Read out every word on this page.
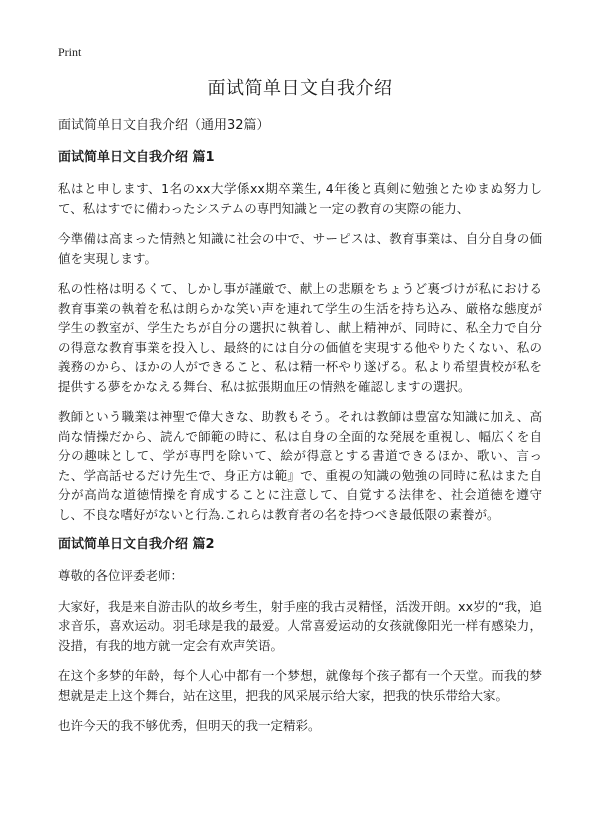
Print
面试简单日文自我介绍
面试简单日文自我介绍（通用32篇）
面试简单日文自我介绍 篇1

私はと申します、1名のxx大学係xx期卒業生, 4年後と真剣に勉強とたゆまぬ努力して、私はすでに備わったシステムの専門知識と一定の教育の実際の能力、

今準備は高まった情熱と知識に社会の中で、サーピスは、教育事業は、自分自身の価値を実現します。

私の性格は明るくて、しかし事が謹厳で、献上の悲願をちょうど裏づけが私における教育事業の執着を私は朗らかな笑い声を連れて学生の生活を持ち込み、厳格な態度が学生の教室が、学生たちが自分の選択に執着し、献上精神が、同時に、私全力で自分の得意な教育事業を投入し、最終的には自分の価値を実現する他やりたくない、私の義務のから、ほかの人ができること、私は精一杯やり遂げる。私より希望貴校が私を提供する夢をかなえる舞台、私は拡張期血圧の情熱を確認しますの選択。

教師という職業は神聖で偉大きな、助教もそう。それは教師は豊富な知識に加え、高尚な情操だから、読んで師範の時に、私は自身の全面的な発展を重視し、幅広くを自分の趣味として、学が専門を除いて、絵が得意とする書道できるほか、歌い、言った、学高話せるだけ先生で、身正方は範』で、重視の知識の勉強の同時に私はまた自分が高尚な道徳情操を育成することに注意して、自覚する法律を、社会道徳を遵守し、不良な嗜好がないと行為.これらは教育者の名を持つべき最低限の素養が。

面试简单日文自我介绍 篇2

尊敬的各位评委老师：

大家好，我是来自游击队的故乡考生，射手座的我古灵精怪，活泼开朗。xx岁的“我，追求音乐，喜欢运动。羽毛球是我的最爱。人常喜爱运动的女孩就像阳光一样有感染力，没措，有我的地方就一定会有欢声笑语。

在这个多梦的年龄，每个人心中都有一个梦想，就像每个孩子都有一个天堂。而我的梦想就是走上这个舞台，站在这里，把我的风采展示给大家，把我的快乐带给大家。

也许今天的我不够优秀，但明天的我一定精彩。
